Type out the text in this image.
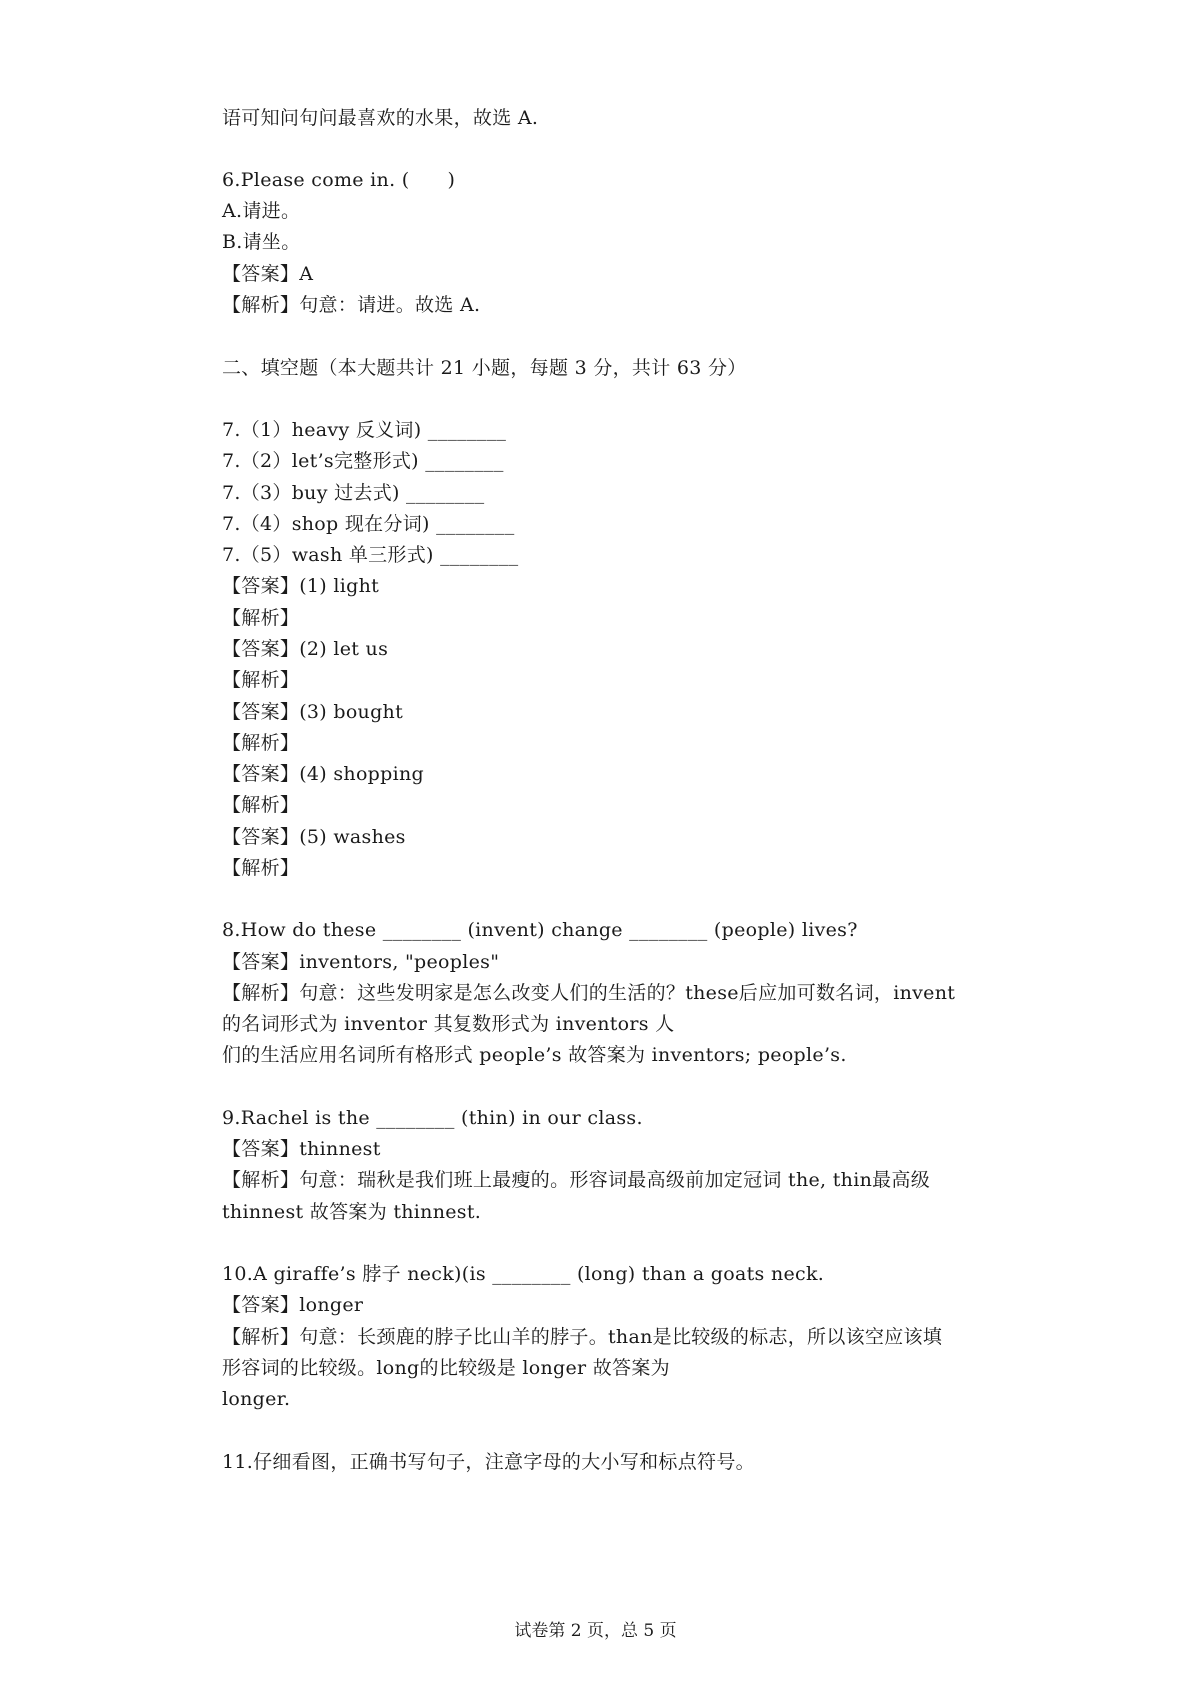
语可知问句问最喜欢的水果，故选 A.
6.Please come in. (      )
A.请进。
B.请坐。
【答案】A
【解析】句意：请进。故选 A.
二、填空题（本大题共计 21 小题，每题 3 分，共计 63 分）
7.（1）heavy 反义词) ________
7.（2）let’s完整形式) ________
7.（3）buy 过去式) ________
7.（4）shop 现在分词) ________
7.（5）wash 单三形式) ________
【答案】(1) light
【解析】
【答案】(2) let us
【解析】
【答案】(3) bought
【解析】
【答案】(4) shopping
【解析】
【答案】(5) washes
【解析】
8.How do these ________ (invent) change ________ (people) lives?
【答案】inventors, "peoples"
【解析】句意：这些发明家是怎么改变人们的生活的？these后应加可数名词，invent
的名词形式为 inventor 其复数形式为 inventors 人
们的生活应用名词所有格形式 people’s 故答案为 inventors; people’s.
9.Rachel is the ________ (thin) in our class.
【答案】thinnest
【解析】句意：瑞秋是我们班上最瘦的。形容词最高级前加定冠词 the, thin最高级
thinnest 故答案为 thinnest.
10.A giraffe’s 脖子 neck)(is ________ (long) than a goats neck.
【答案】longer
【解析】句意：长颈鹿的脖子比山羊的脖子。than是比较级的标志，所以该空应该填
形容词的比较级。long的比较级是 longer 故答案为
longer.
11.仔细看图，正确书写句子，注意字母的大小写和标点符号。
试卷第 2 页，总 5 页
